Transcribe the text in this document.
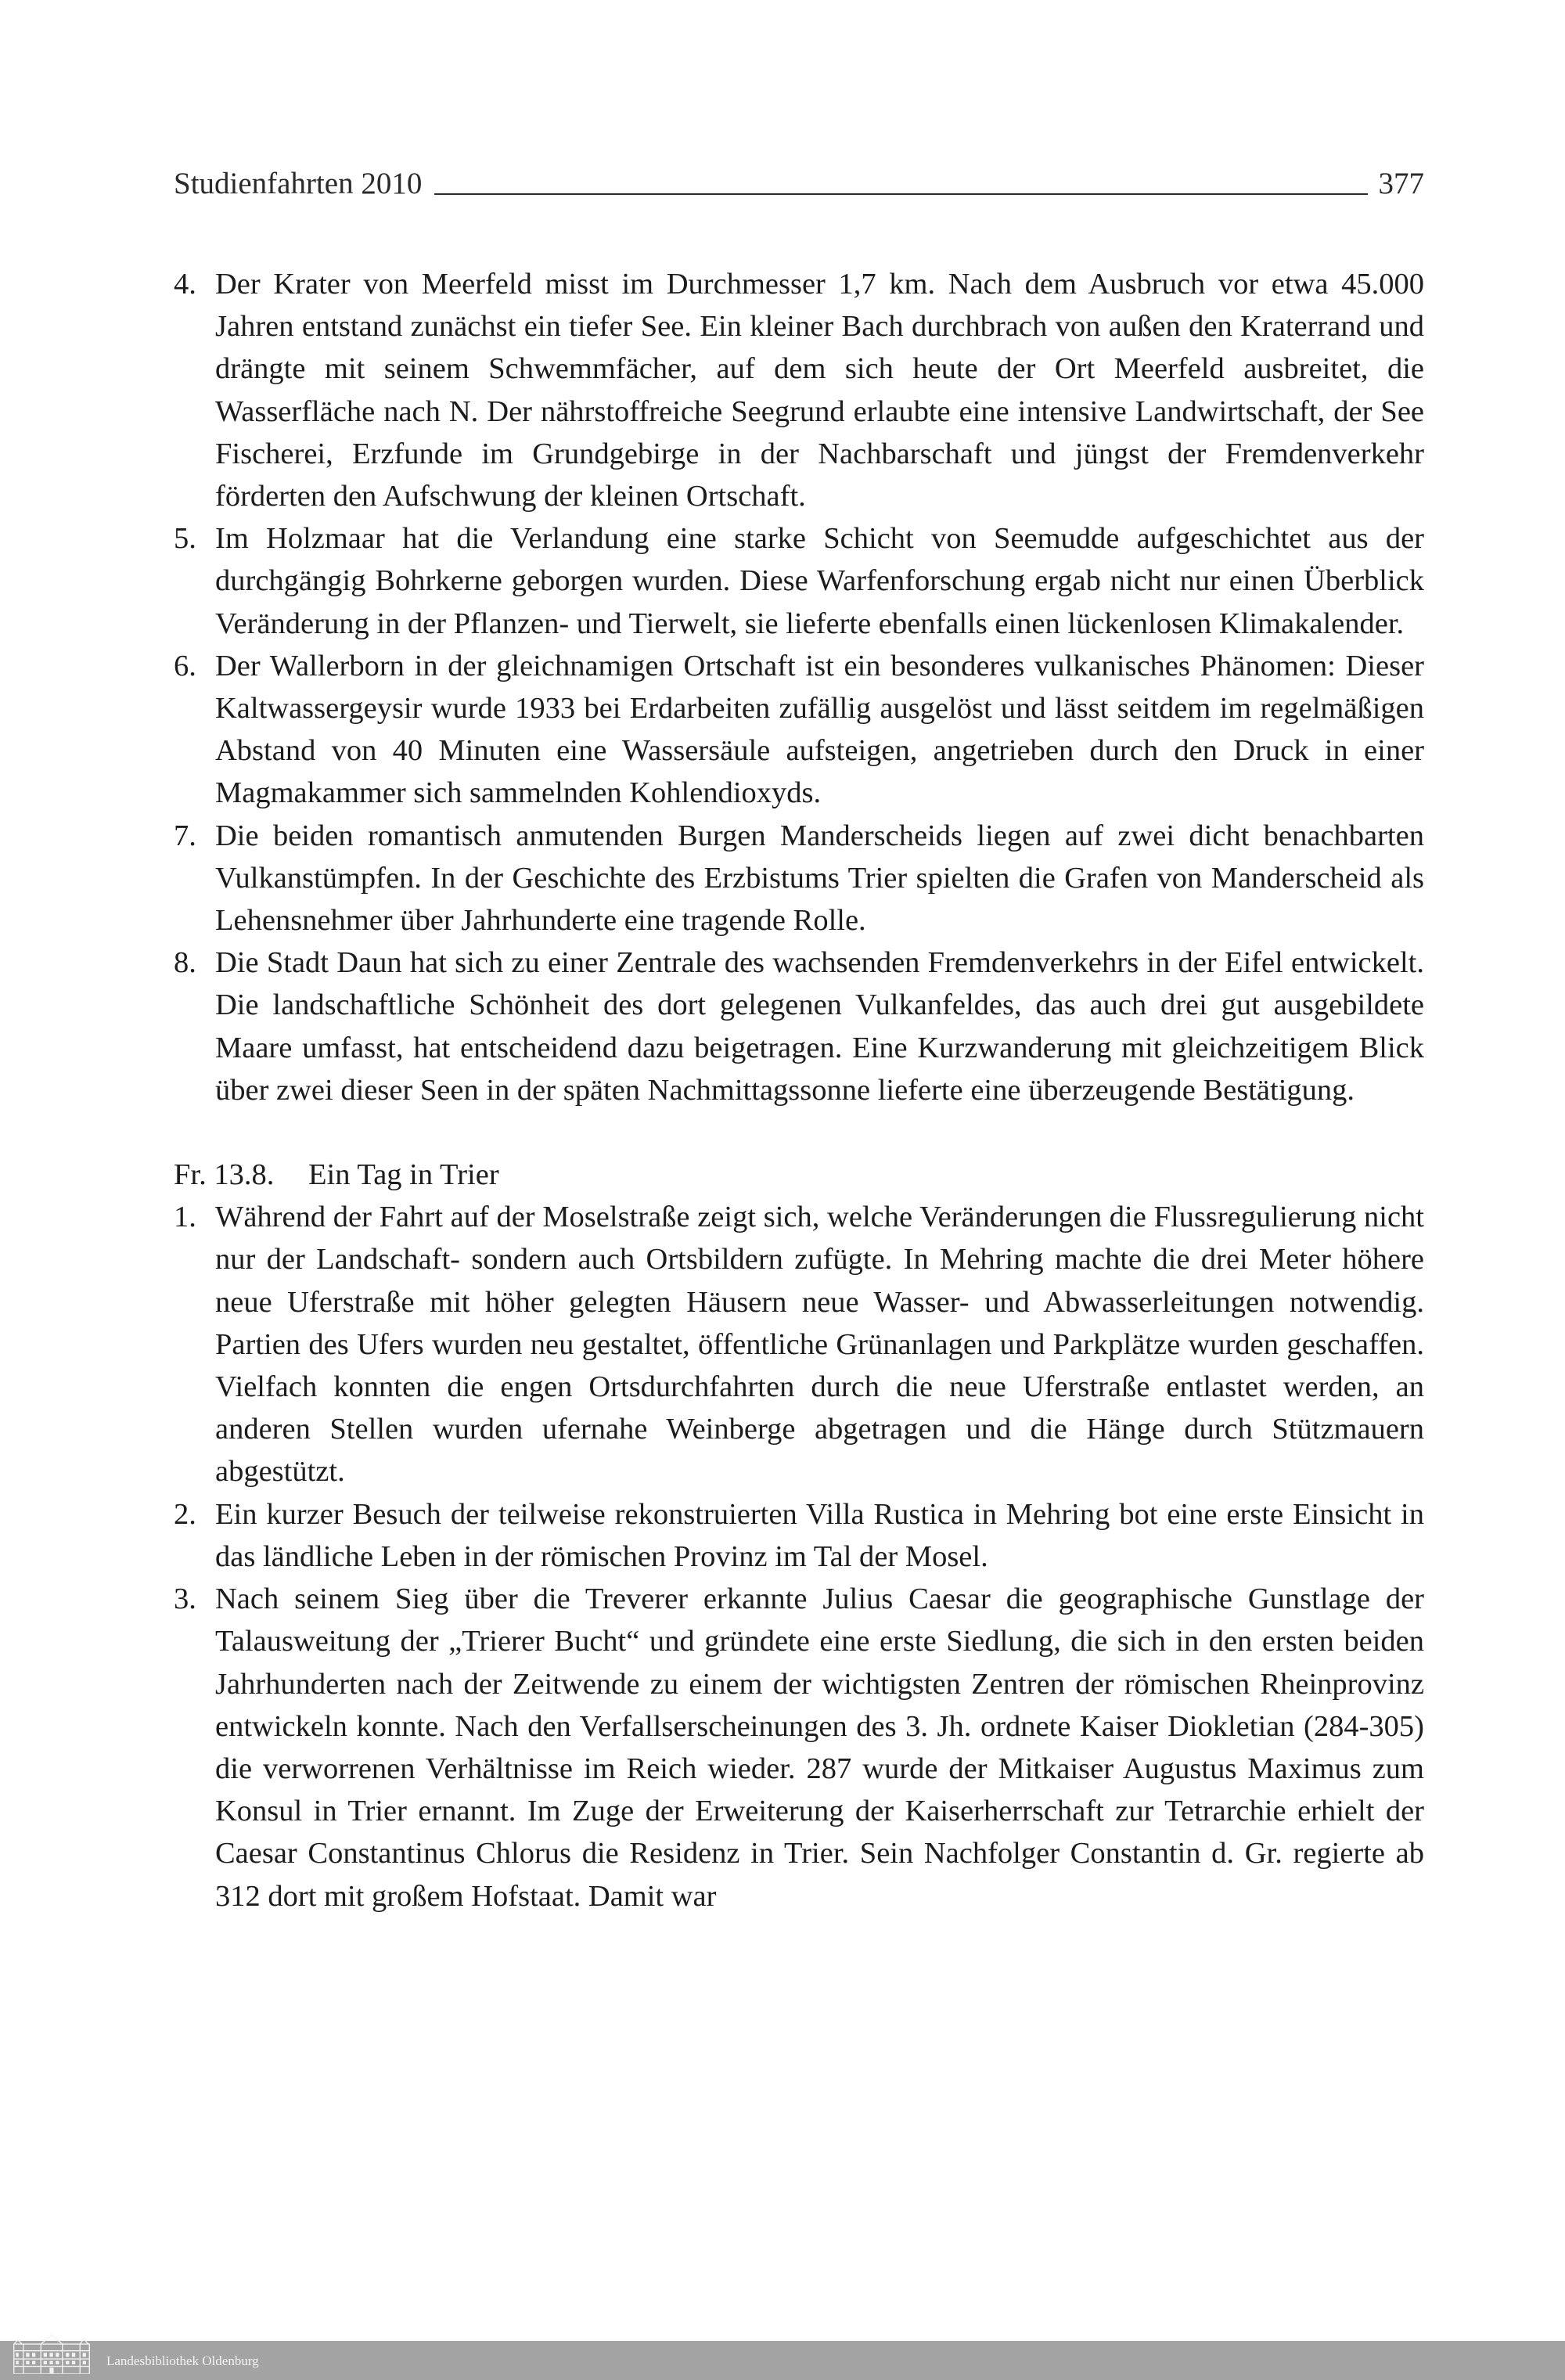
Studienfahrten 2010	377
4. Der Krater von Meerfeld misst im Durchmesser 1,7 km. Nach dem Ausbruch vor etwa 45.000 Jahren entstand zunächst ein tiefer See. Ein kleiner Bach durchbrach von außen den Kraterrand und drängte mit seinem Schwemmfächer, auf dem sich heute der Ort Meerfeld ausbreitet, die Wasserfläche nach N. Der nährstoffreiche Seegrund erlaubte eine intensive Landwirtschaft, der See Fischerei, Erzfunde im Grundgebirge in der Nachbarschaft und jüngst der Fremdenverkehr förderten den Aufschwung der kleinen Ortschaft.
5. Im Holzmaar hat die Verlandung eine starke Schicht von Seemudde aufgeschichtet aus der durchgängig Bohrkerne geborgen wurden. Diese Warfenforschung ergab nicht nur einen Überblick Veränderung in der Pflanzen- und Tierwelt, sie lieferte ebenfalls einen lückenlosen Klimakalender.
6. Der Wallerborn in der gleichnamigen Ortschaft ist ein besonderes vulkanisches Phänomen: Dieser Kaltwassergeysir wurde 1933 bei Erdarbeiten zufällig ausgelöst und lässt seitdem im regelmäßigen Abstand von 40 Minuten eine Wassersäule aufsteigen, angetrieben durch den Druck in einer Magmakammer sich sammelnden Kohlendioxyds.
7. Die beiden romantisch anmutenden Burgen Manderscheids liegen auf zwei dicht benachbarten Vulkanstümpfen. In der Geschichte des Erzbistums Trier spielten die Grafen von Manderscheid als Lehensnehmer über Jahrhunderte eine tragende Rolle.
8. Die Stadt Daun hat sich zu einer Zentrale des wachsenden Fremdenverkehrs in der Eifel entwickelt. Die landschaftliche Schönheit des dort gelegenen Vulkanfeldes, das auch drei gut ausgebildete Maare umfasst, hat entscheidend dazu beigetragen. Eine Kurzwanderung mit gleichzeitigem Blick über zwei dieser Seen in der späten Nachmittagssonne lieferte eine überzeugende Bestätigung.
Fr. 13.8.	Ein Tag in Trier
1. Während der Fahrt auf der Moselstraße zeigt sich, welche Veränderungen die Flussregulierung nicht nur der Landschaft- sondern auch Ortsbildern zufügte. In Mehring machte die drei Meter höhere neue Uferstraße mit höher gelegten Häusern neue Wasser- und Abwasserleitungen notwendig. Partien des Ufers wurden neu gestaltet, öffentliche Grünanlagen und Parkplätze wurden geschaffen. Vielfach konnten die engen Ortsdurchfahrten durch die neue Uferstraße entlastet werden, an anderen Stellen wurden ufernahe Weinberge abgetragen und die Hänge durch Stützmauern abgestützt.
2. Ein kurzer Besuch der teilweise rekonstruierten Villa Rustica in Mehring bot eine erste Einsicht in das ländliche Leben in der römischen Provinz im Tal der Mosel.
3. Nach seinem Sieg über die Treverer erkannte Julius Caesar die geographische Gunstlage der Talausweitung der „Trierer Bucht“ und gründete eine erste Siedlung, die sich in den ersten beiden Jahrhunderten nach der Zeitwende zu einem der wichtigsten Zentren der römischen Rheinprovinz entwickeln konnte. Nach den Verfallserscheinungen des 3. Jh. ordnete Kaiser Diokletian (284-305) die verworrenen Verhältnisse im Reich wieder. 287 wurde der Mitkaiser Augustus Maximus zum Konsul in Trier ernannt. Im Zuge der Erweiterung der Kaiserherrschaft zur Tetrarchie erhielt der Caesar Constantinus Chlorus die Residenz in Trier. Sein Nachfolger Constantin d. Gr. regierte ab 312 dort mit großem Hofstaat. Damit war
Landesbibliothek Oldenburg
